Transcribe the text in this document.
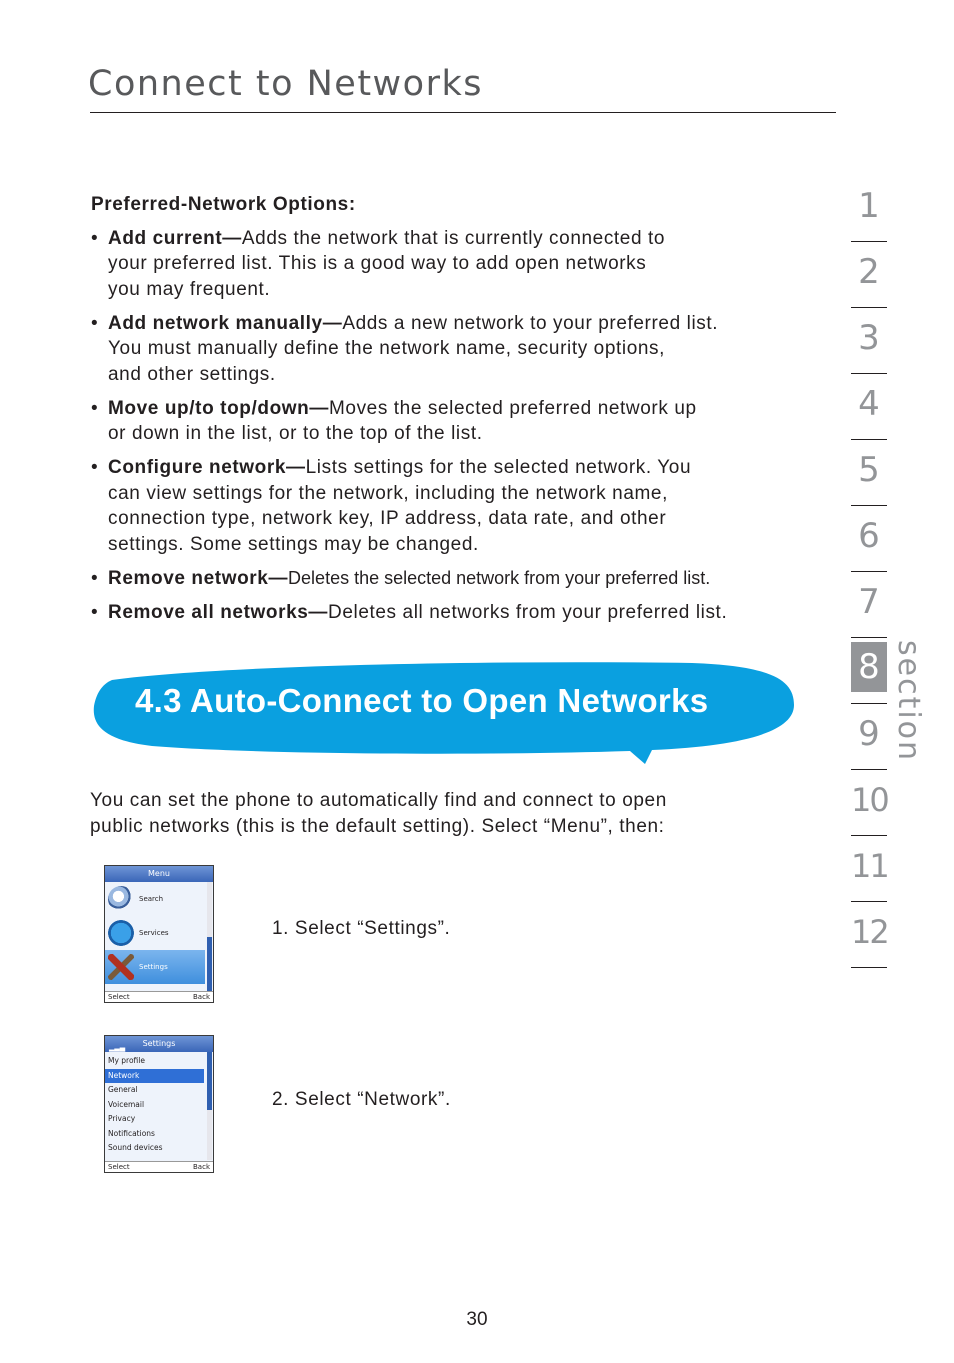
Connect to Networks
Preferred-Network Options:
• Add current—Adds the network that is currently connected to
your preferred list. This is a good way to add open networks
you may frequent.
• Add network manually—Adds a new network to your preferred list.
You must manually define the network name, security options,
and other settings.
• Move up/to top/down—Moves the selected preferred network up
or down in the list, or to the top of the list.
• Configure network—Lists settings for the selected network. You
can view settings for the network, including the network name,
connection type, network key, IP address, data rate, and other
settings. Some settings may be changed.
• Remove network—Deletes the selected network from your preferred list.
• Remove all networks—Deletes all networks from your preferred list.
4.3 Auto-Connect to Open Networks

You can set the phone to automatically find and connect to open
public networks (this is the default setting). Select “Menu”, then:

Menu
Search
Services
Settings
Select	Back
1. Select “Settings”.
▂▃▄ Settings
My profile
Network
General
Voicemail
Privacy
Notifications
Sound devices
Select	Back
2. Select “Network”.
1
2
3
4
5
6
7
8
9
10
11
12
section
30
